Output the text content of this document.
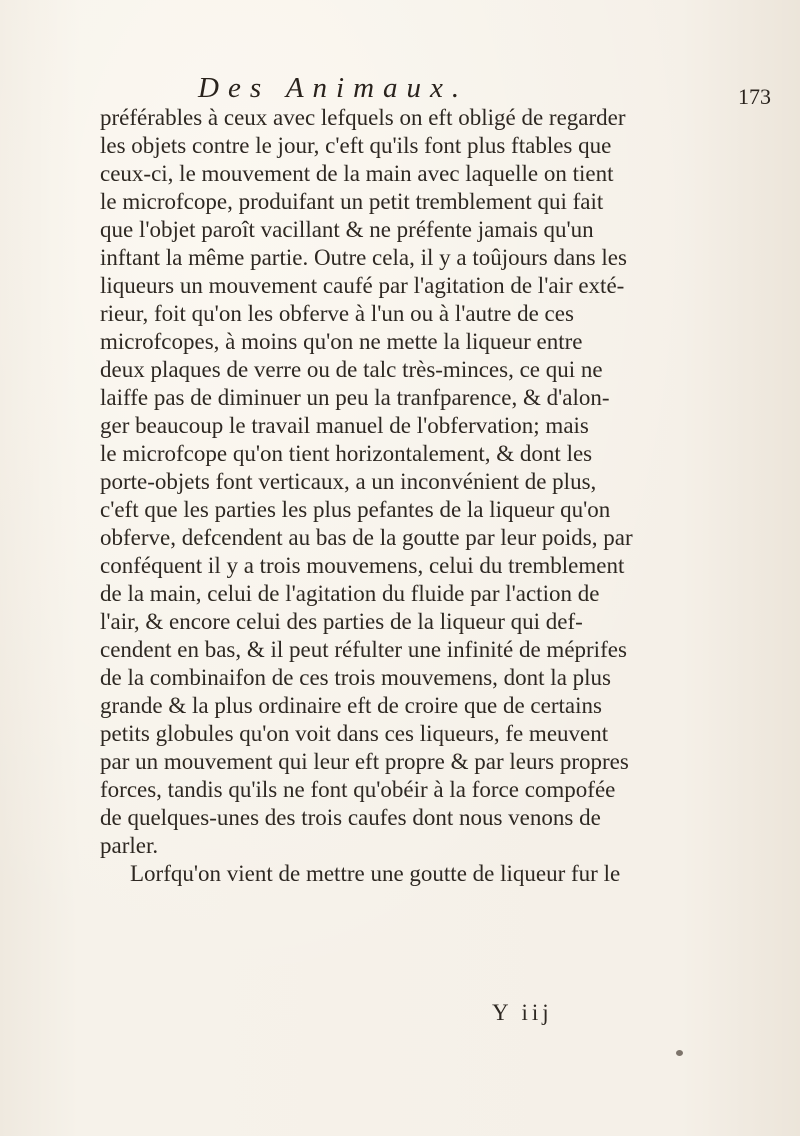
Des Animaux.	173
préférables à ceux avec lefquels on eft obligé de regarder
les objets contre le jour, c'eft qu'ils font plus ftables que
ceux-ci, le mouvement de la main avec laquelle on tient
le microfcope, produifant un petit tremblement qui fait
que l'objet paroît vacillant & ne préfente jamais qu'un
inftant la même partie. Outre cela, il y a toûjours dans les
liqueurs un mouvement caufé par l'agitation de l'air exté-
rieur, foit qu'on les obferve à l'un ou à l'autre de ces
microfcopes, à moins qu'on ne mette la liqueur entre
deux plaques de verre ou de talc très-minces, ce qui ne
laiffe pas de diminuer un peu la tranfparence, & d'alon-
ger beaucoup le travail manuel de l'obfervation; mais
le microfcope qu'on tient horizontalement, & dont les
porte-objets font verticaux, a un inconvénient de plus,
c'eft que les parties les plus pefantes de la liqueur qu'on
obferve, defcendent au bas de la goutte par leur poids, par
conféquent il y a trois mouvemens, celui du tremblement
de la main, celui de l'agitation du fluide par l'action de
l'air, & encore celui des parties de la liqueur qui def-
cendent en bas, & il peut réfulter une infinité de méprifes
de la combinaifon de ces trois mouvemens, dont la plus
grande & la plus ordinaire eft de croire que de certains
petits globules qu'on voit dans ces liqueurs, fe meuvent
par un mouvement qui leur eft propre & par leurs propres
forces, tandis qu'ils ne font qu'obéir à la force compofée
de quelques-unes des trois caufes dont nous venons de
parler.
Lorfqu'on vient de mettre une goutte de liqueur fur le
Y iij
